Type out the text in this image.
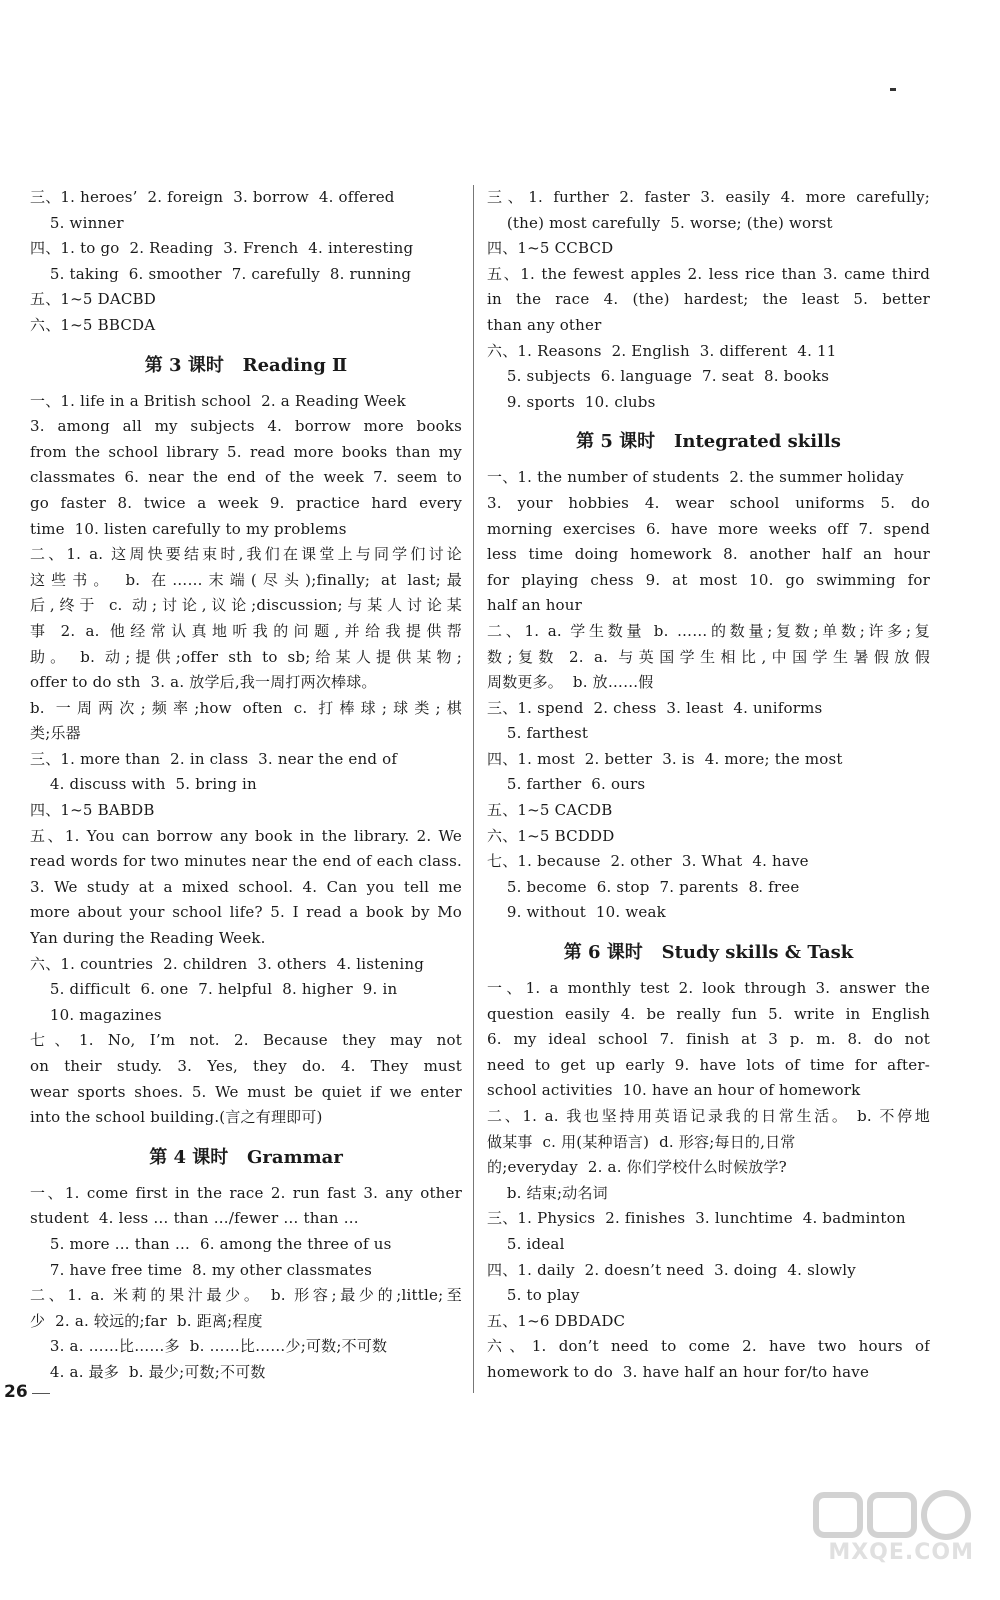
三、1. heroes’  2. foreign  3. borrow  4. offered
5. winner
四、1. to go  2. Reading  3. French  4. interesting
5. taking  6. smoother  7. carefully  8. running
五、1~5 DACBD
六、1~5 BBCDA
第 3 课时   Reading Ⅱ
一、1. life in a British school  2. a Reading Week
3. among all my subjects 4. borrow more books
from the school library 5. read more books than my
classmates 6. near the end of the week 7. seem to
go faster 8. twice a week 9. practice hard every
time  10. listen carefully to my problems
二、1. a. 这周快要结束时,我们在课堂上与同学们讨论
这些书。 b. 在……末端(尽头);finally; at last;最
后,终于 c. 动;讨论,议论;discussion;与某人讨论某
事 2. a. 他经常认真地听我的问题,并给我提供帮
助。 b. 动;提供;offer sth to sb;给某人提供某物;
offer to do sth  3. a. 放学后,我一周打两次棒球。
b. 一周两次;频率;how often c. 打棒球;球类;棋
类;乐器
三、1. more than  2. in class  3. near the end of
4. discuss with  5. bring in
四、1~5 BABDB
五、1. You can borrow any book in the library. 2. We
read words for two minutes near the end of each class.
3. We study at a mixed school. 4. Can you tell me
more about your school life? 5. I read a book by Mo
Yan during the Reading Week.
六、1. countries  2. children  3. others  4. listening
5. difficult  6. one  7. helpful  8. higher  9. in
10. magazines
七、1. No, I’m not. 2. Because they may not
on their study. 3. Yes, they do. 4. They must
wear sports shoes. 5. We must be quiet if we enter
into the school building.(言之有理即可)
第 4 课时   Grammar
一、1. come first in the race 2. run fast 3. any other
student  4. less … than …/fewer … than …
5. more … than …  6. among the three of us
7. have free time  8. my other classmates
二、1. a. 米莉的果汁最少。 b. 形容;最少的;little;至
少  2. a. 较远的;far  b. 距离;程度
3. a. ……比……多  b. ……比……少;可数;不可数
4. a. 最多  b. 最少;可数;不可数
三、1. further 2. faster 3. easily 4. more carefully;
(the) most carefully  5. worse; (the) worst
四、1~5 CCBCD
五、1. the fewest apples 2. less rice than 3. came third
in the race 4. (the) hardest; the least 5. better
than any other
六、1. Reasons  2. English  3. different  4. 11
5. subjects  6. language  7. seat  8. books
9. sports  10. clubs
第 5 课时   Integrated skills
一、1. the number of students  2. the summer holiday
3. your hobbies 4. wear school uniforms 5. do
morning exercises 6. have more weeks off 7. spend
less time doing homework 8. another half an hour
for playing chess 9. at most 10. go swimming for
half an hour
二、1. a. 学生数量 b. ……的数量;复数;单数;许多;复
数;复数 2. a. 与英国学生相比,中国学生暑假放假
周数更多。  b. 放……假
三、1. spend  2. chess  3. least  4. uniforms
5. farthest
四、1. most  2. better  3. is  4. more; the most
5. farther  6. ours
五、1~5 CACDB
六、1~5 BCDDD
七、1. because  2. other  3. What  4. have
5. become  6. stop  7. parents  8. free
9. without  10. weak
第 6 课时   Study skills & Task
一、1. a monthly test 2. look through 3. answer the
question easily 4. be really fun 5. write in English
6. my ideal school 7. finish at 3 p. m. 8. do not
need to get up early 9. have lots of time for after-
school activities  10. have an hour of homework
二、1. a. 我也坚持用英语记录我的日常生活。 b. 不停地
做某事  c. 用(某种语言)  d. 形容;每日的,日常
的;everyday  2. a. 你们学校什么时候放学?
b. 结束;动名词
三、1. Physics  2. finishes  3. lunchtime  4. badminton
5. ideal
四、1. daily  2. doesn’t need  3. doing  4. slowly
5. to play
五、1~6 DBDADC
六、1. don’t need to come 2. have two hours of
homework to do  3. have half an hour for/to have
26
MXQE.COM
